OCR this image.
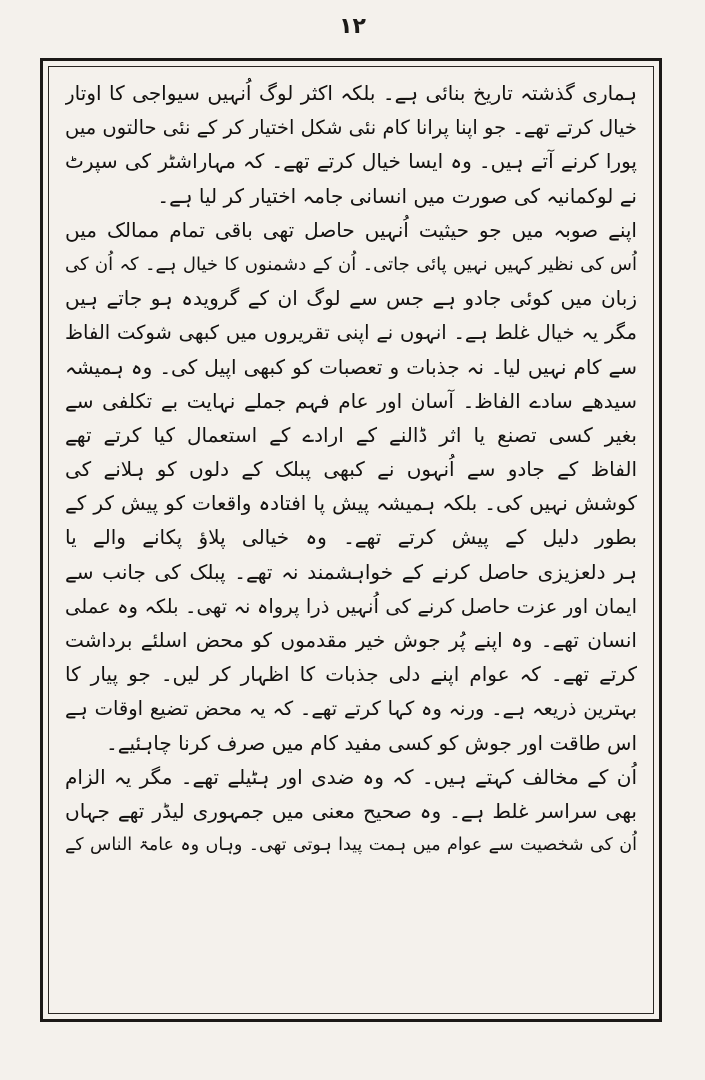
۱۲
ہماری گذشتہ تاریخ بنائی ہے۔ بلکہ اکثر لوگ اُنہیں سیواجی کا اوتار
خیال کرتے تھے۔ جو اپنا پرانا کام نئی شکل اختیار کر کے نئی حالتوں میں
پورا کرنے آتے ہیں۔ وہ ایسا خیال کرتے تھے۔ کہ مہاراشٹر کی سپرٹ
نے لوکمانیہ کی صورت میں انسانی جامہ اختیار کر لیا ہے۔
اپنے صوبہ میں جو حیثیت اُنہیں حاصل تھی باقی تمام ممالک میں
اُس کی نظیر کہیں نہیں پائی جاتی۔ اُن کے دشمنوں کا خیال ہے۔ کہ اُن کی
زبان میں کوئی جادو ہے جس سے لوگ ان کے گرویدہ ہو جاتے ہیں
مگر یہ خیال غلط ہے۔ انہوں نے اپنی تقریروں میں کبھی شوکت الفاظ
سے کام نہیں لیا۔ نہ جذبات و تعصبات کو کبھی اپیل کی۔ وہ ہمیشہ
سیدھے سادے الفاظ۔ آسان اور عام فہم جملے نہایت بے تکلفی سے
بغیر کسی تصنع یا اثر ڈالنے کے ارادے کے استعمال کیا کرتے تھے
الفاظ کے جادو سے اُنہوں نے کبھی پبلک کے دلوں کو ہلانے کی
کوشش نہیں کی۔ بلکہ ہمیشہ پیش پا افتادہ واقعات کو پیش کر کے
بطور دلیل کے پیش کرتے تھے۔ وہ خیالی پلاؤ پکانے والے یا
ہر دلعزیزی حاصل کرنے کے خواہشمند نہ تھے۔ پبلک کی جانب سے
ایمان اور عزت حاصل کرنے کی اُنہیں ذرا پرواہ نہ تھی۔ بلکہ وہ عملی
انسان تھے۔ وہ اپنے پُر جوش خیر مقدموں کو محض اسلئے برداشت
کرتے تھے۔ کہ عوام اپنے دلی جذبات کا اظہار کر لیں۔ جو پیار کا
بہترین ذریعہ ہے۔ ورنہ وہ کہا کرتے تھے۔ کہ یہ محض تضیع اوقات ہے
اس طاقت اور جوش کو کسی مفید کام میں صرف کرنا چاہئیے۔
اُن کے مخالف کہتے ہیں۔ کہ وہ ضدی اور ہٹیلے تھے۔ مگر یہ الزام
بھی سراسر غلط ہے۔ وہ صحیح معنی میں جمہوری لیڈر تھے جہاں
اُن کی شخصیت سے عوام میں ہمت پیدا ہوتی تھی۔ وہاں وہ عامۃ الناس کے
